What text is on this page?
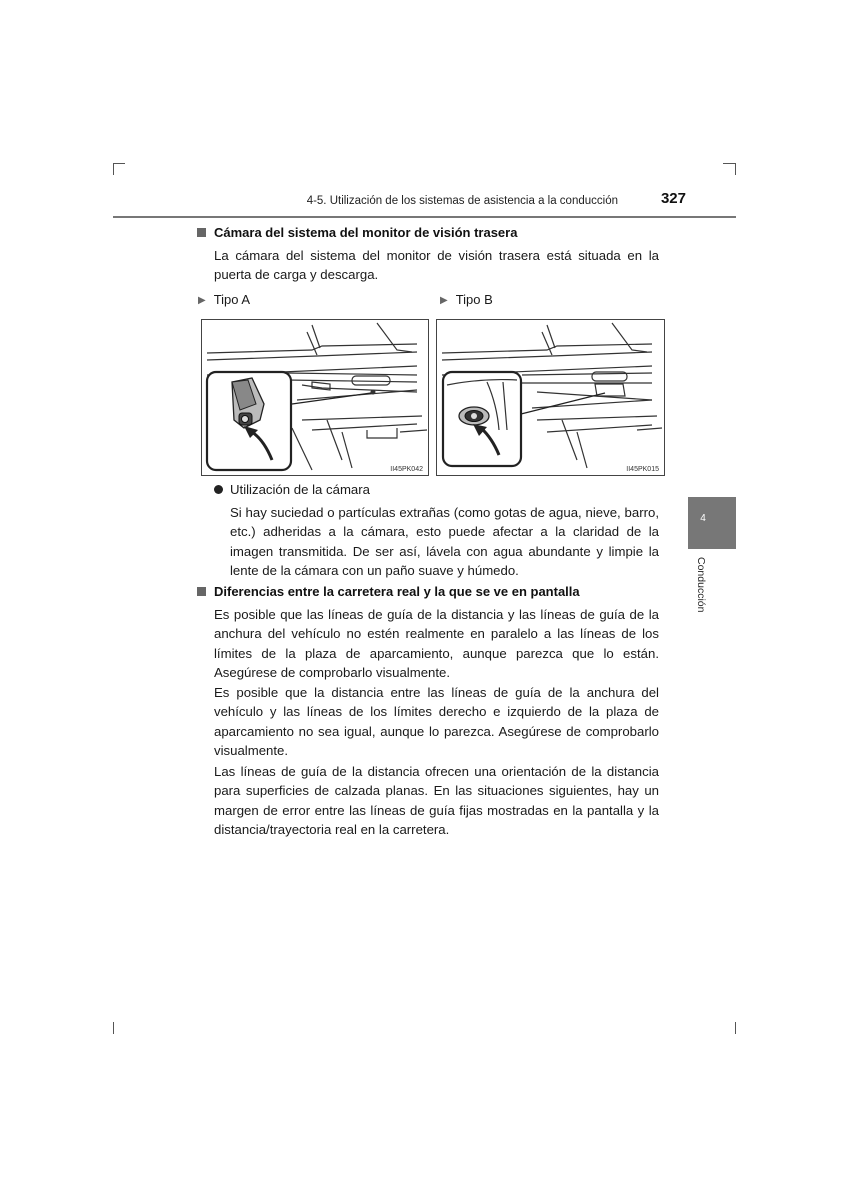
4-5. Utilización de los sistemas de asistencia a la conducción	327
4
Conducción
Cámara del sistema del monitor de visión trasera
La cámara del sistema del monitor de visión trasera está situada en la puerta de carga y descarga.
▶ Tipo A	▶ Tipo B
II45PK042	II45PK015
Utilización de la cámara
Si hay suciedad o partículas extrañas (como gotas de agua, nieve, barro, etc.) adheridas a la cámara, esto puede afectar a la claridad de la imagen transmitida. De ser así, lávela con agua abundante y limpie la lente de la cámara con un paño suave y húmedo.
Diferencias entre la carretera real y la que se ve en pantalla
Es posible que las líneas de guía de la distancia y las líneas de guía de la anchura del vehículo no estén realmente en paralelo a las líneas de los límites de la plaza de aparcamiento, aunque parezca que lo están. Asegúrese de comprobarlo visualmente.
Es posible que la distancia entre las líneas de guía de la anchura del vehículo y las líneas de los límites derecho e izquierdo de la plaza de aparcamiento no sea igual, aunque lo parezca. Asegúrese de comprobarlo visualmente.
Las líneas de guía de la distancia ofrecen una orientación de la distancia para superficies de calzada planas. En las situaciones siguientes, hay un margen de error entre las líneas de guía fijas mostradas en la pantalla y la distancia/trayectoria real en la carretera.
